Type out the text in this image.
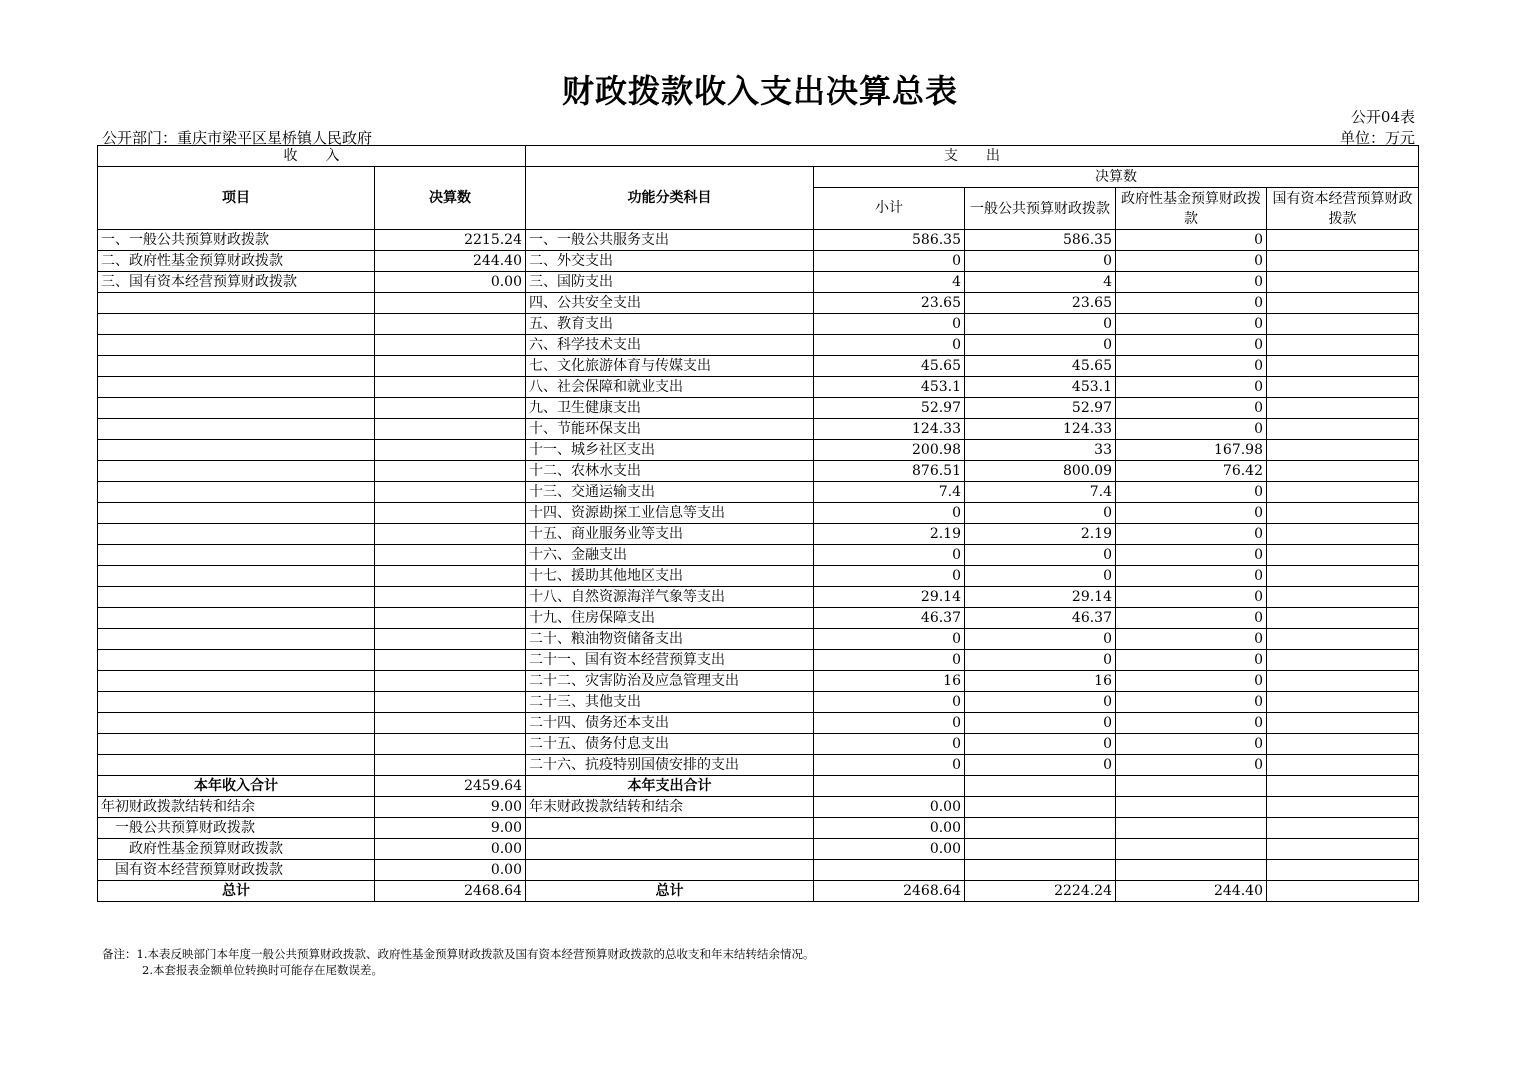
财政拨款收入支出决算总表
公开04表
公开部门：重庆市梁平区星桥镇人民政府	单位：万元
收　　入		支　　出				
项目	决算数	功能分类科目	决算数			
			小计	一般公共预算财政拨款	政府性基金预算财政拨款	国有资本经营预算财政拨款
一、一般公共预算财政拨款	2215.24	一、一般公共服务支出	586.35	586.35	0	
二、政府性基金预算财政拨款	244.40	二、外交支出	0	0	0	
三、国有资本经营预算财政拨款	0.00	三、国防支出	4	4	0	
		四、公共安全支出	23.65	23.65	0	
		五、教育支出	0	0	0	
		六、科学技术支出	0	0	0	
		七、文化旅游体育与传媒支出	45.65	45.65	0	
		八、社会保障和就业支出	453.1	453.1	0	
		九、卫生健康支出	52.97	52.97	0	
		十、节能环保支出	124.33	124.33	0	
		十一、城乡社区支出	200.98	33	167.98	
		十二、农林水支出	876.51	800.09	76.42	
		十三、交通运输支出	7.4	7.4	0	
		十四、资源勘探工业信息等支出	0	0	0	
		十五、商业服务业等支出	2.19	2.19	0	
		十六、金融支出	0	0	0	
		十七、援助其他地区支出	0	0	0	
		十八、自然资源海洋气象等支出	29.14	29.14	0	
		十九、住房保障支出	46.37	46.37	0	
		二十、粮油物资储备支出	0	0	0	
		二十一、国有资本经营预算支出	0	0	0	
		二十二、灾害防治及应急管理支出	16	16	0	
		二十三、其他支出	0	0	0	
		二十四、债务还本支出	0	0	0	
		二十五、债务付息支出	0	0	0	
		二十六、抗疫特别国债安排的支出	0	0	0	
本年收入合计	2459.64	本年支出合计				
年初财政拨款结转和结余	9.00	年末财政拨款结转和结余	0.00			
　一般公共预算财政拨款	9.00		0.00			
　　政府性基金预算财政拨款	0.00		0.00			
　国有资本经营预算财政拨款	0.00					
总计	2468.64	总计	2468.64	2224.24	244.40	
备注：1.本表反映部门本年度一般公共预算财政拨款、政府性基金预算财政拨款及国有资本经营预算财政拨款的总收支和年末结转结余情况。
2.本套报表金额单位转换时可能存在尾数误差。
